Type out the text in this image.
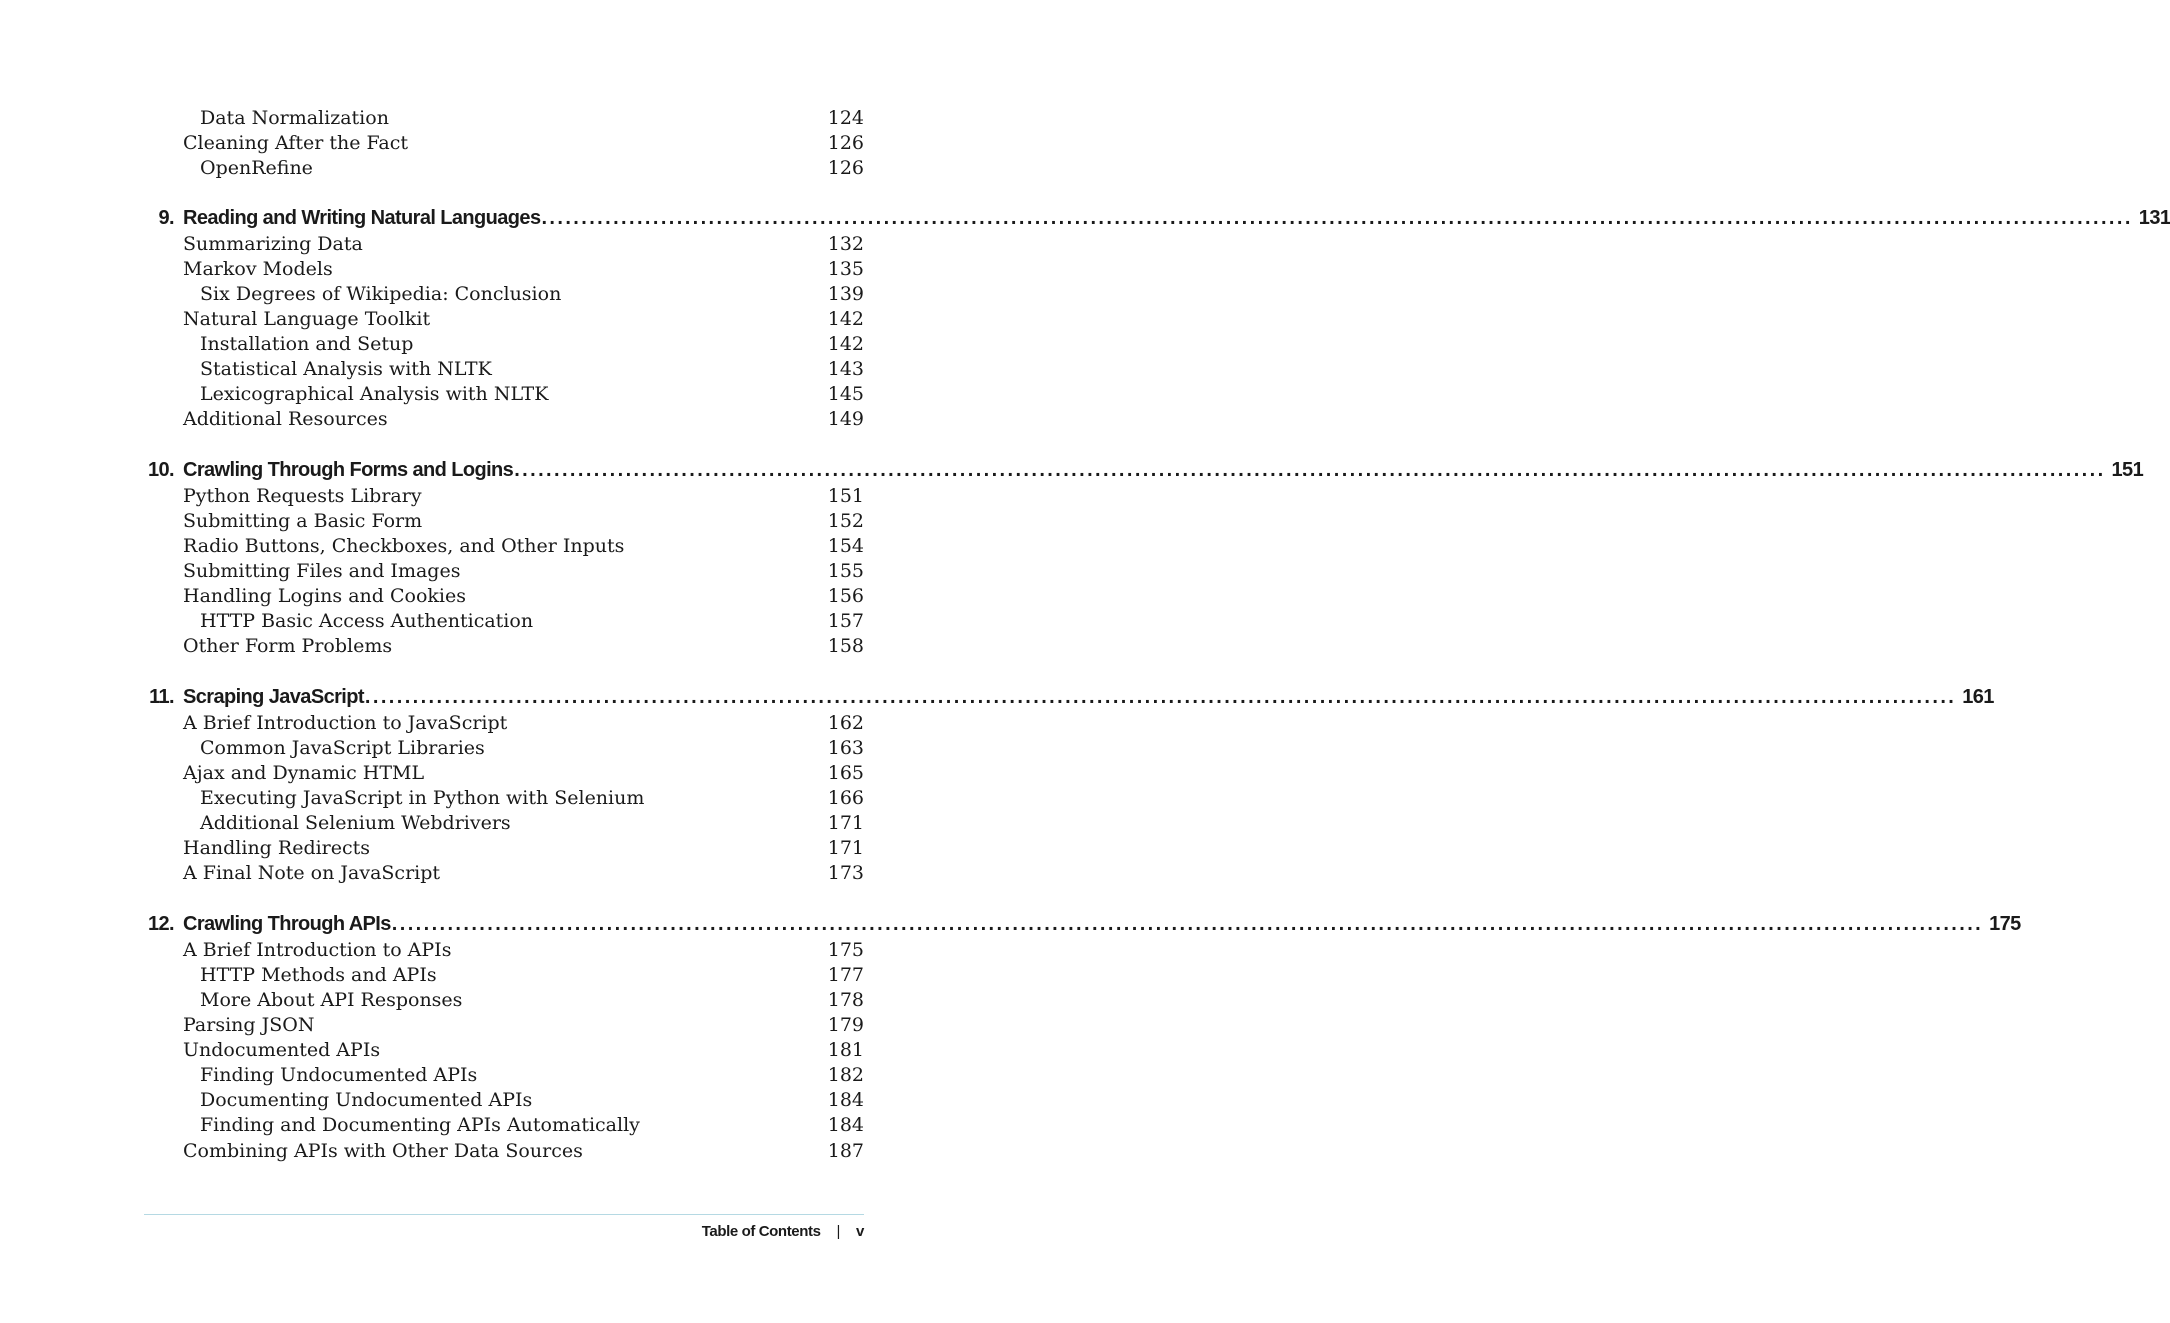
Data Normalization	124
Cleaning After the Fact	126
OpenRefine	126
9. Reading and Writing Natural Languages ........................................................................................................................................................................................................ 131
Summarizing Data	132
Markov Models	135
Six Degrees of Wikipedia: Conclusion	139
Natural Language Toolkit	142
Installation and Setup	142
Statistical Analysis with NLTK	143
Lexicographical Analysis with NLTK	145
Additional Resources	149
10. Crawling Through Forms and Logins ........................................................................................................................................................................................................ 151
Python Requests Library	151
Submitting a Basic Form	152
Radio Buttons, Checkboxes, and Other Inputs	154
Submitting Files and Images	155
Handling Logins and Cookies	156
HTTP Basic Access Authentication	157
Other Form Problems	158
11. Scraping JavaScript ........................................................................................................................................................................................................ 161
A Brief Introduction to JavaScript	162
Common JavaScript Libraries	163
Ajax and Dynamic HTML	165
Executing JavaScript in Python with Selenium	166
Additional Selenium Webdrivers	171
Handling Redirects	171
A Final Note on JavaScript	173
12. Crawling Through APIs ........................................................................................................................................................................................................ 175
A Brief Introduction to APIs	175
HTTP Methods and APIs	177
More About API Responses	178
Parsing JSON	179
Undocumented APIs	181
Finding Undocumented APIs	182
Documenting Undocumented APIs	184
Finding and Documenting APIs Automatically	184
Combining APIs with Other Data Sources	187
Table of Contents | v
